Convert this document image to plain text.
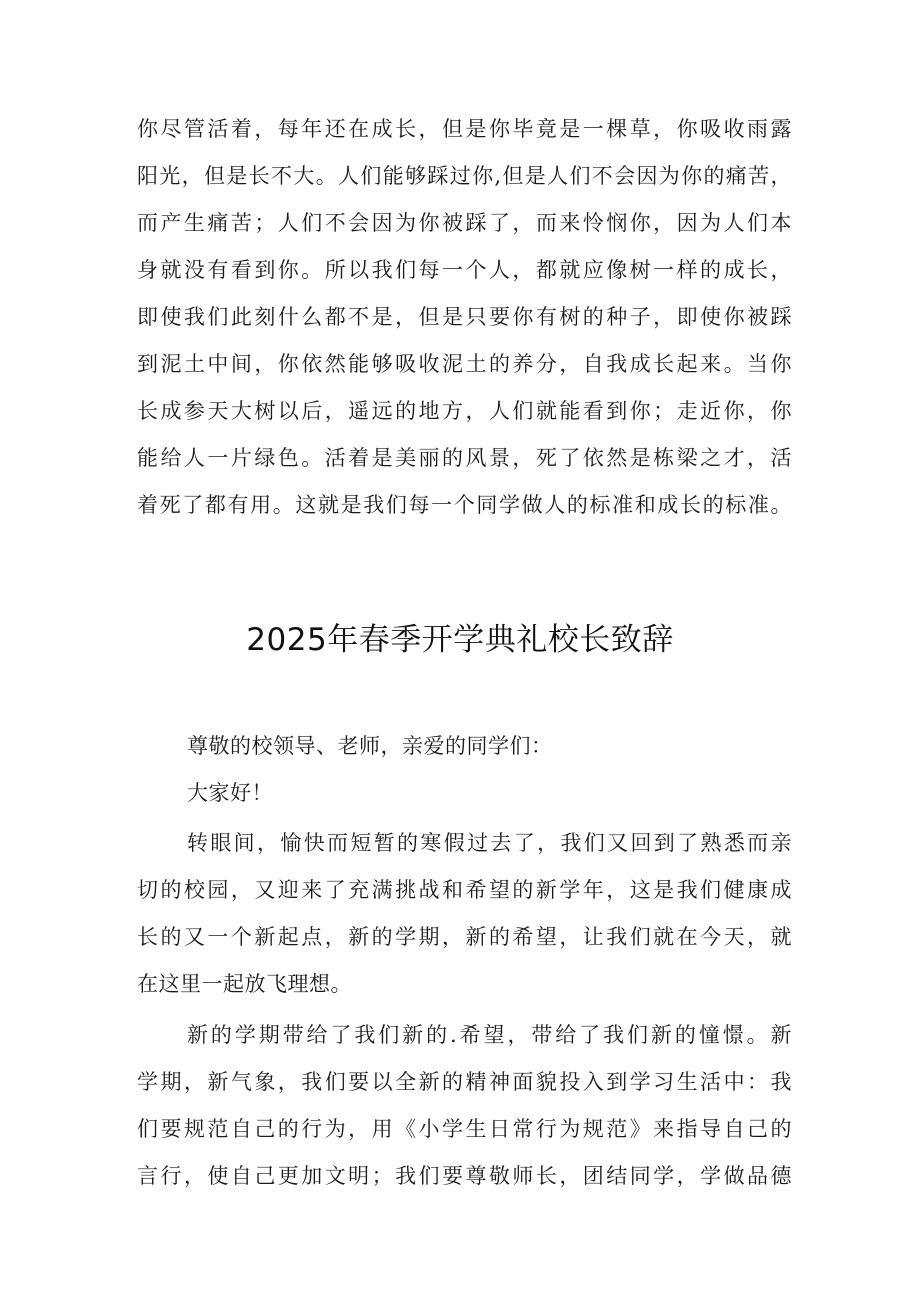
你尽管活着，每年还在成长，但是你毕竟是一棵草，你吸收雨露
阳光，但是长不大。人们能够踩过你,但是人们不会因为你的痛苦，
而产生痛苦；人们不会因为你被踩了，而来怜悯你，因为人们本
身就没有看到你。所以我们每一个人，都就应像树一样的成长，
即使我们此刻什么都不是，但是只要你有树的种子，即使你被踩
到泥土中间，你依然能够吸收泥土的养分，自我成长起来。当你
长成参天大树以后，遥远的地方，人们就能看到你；走近你，你
能给人一片绿色。活着是美丽的风景，死了依然是栋梁之才，活
着死了都有用。这就是我们每一个同学做人的标准和成长的标准。
2025年春季开学典礼校长致辞
尊敬的校领导、老师，亲爱的同学们：
大家好！
转眼间，愉快而短暂的寒假过去了，我们又回到了熟悉而亲
切的校园，又迎来了充满挑战和希望的新学年，这是我们健康成
长的又一个新起点，新的学期，新的希望，让我们就在今天，就
在这里一起放飞理想。
新的学期带给了我们新的.希望，带给了我们新的憧憬。新
学期，新气象，我们要以全新的精神面貌投入到学习生活中：我
们要规范自己的行为，用《小学生日常行为规范》来指导自己的
言行，使自己更加文明；我们要尊敬师长，团结同学，学做品德
